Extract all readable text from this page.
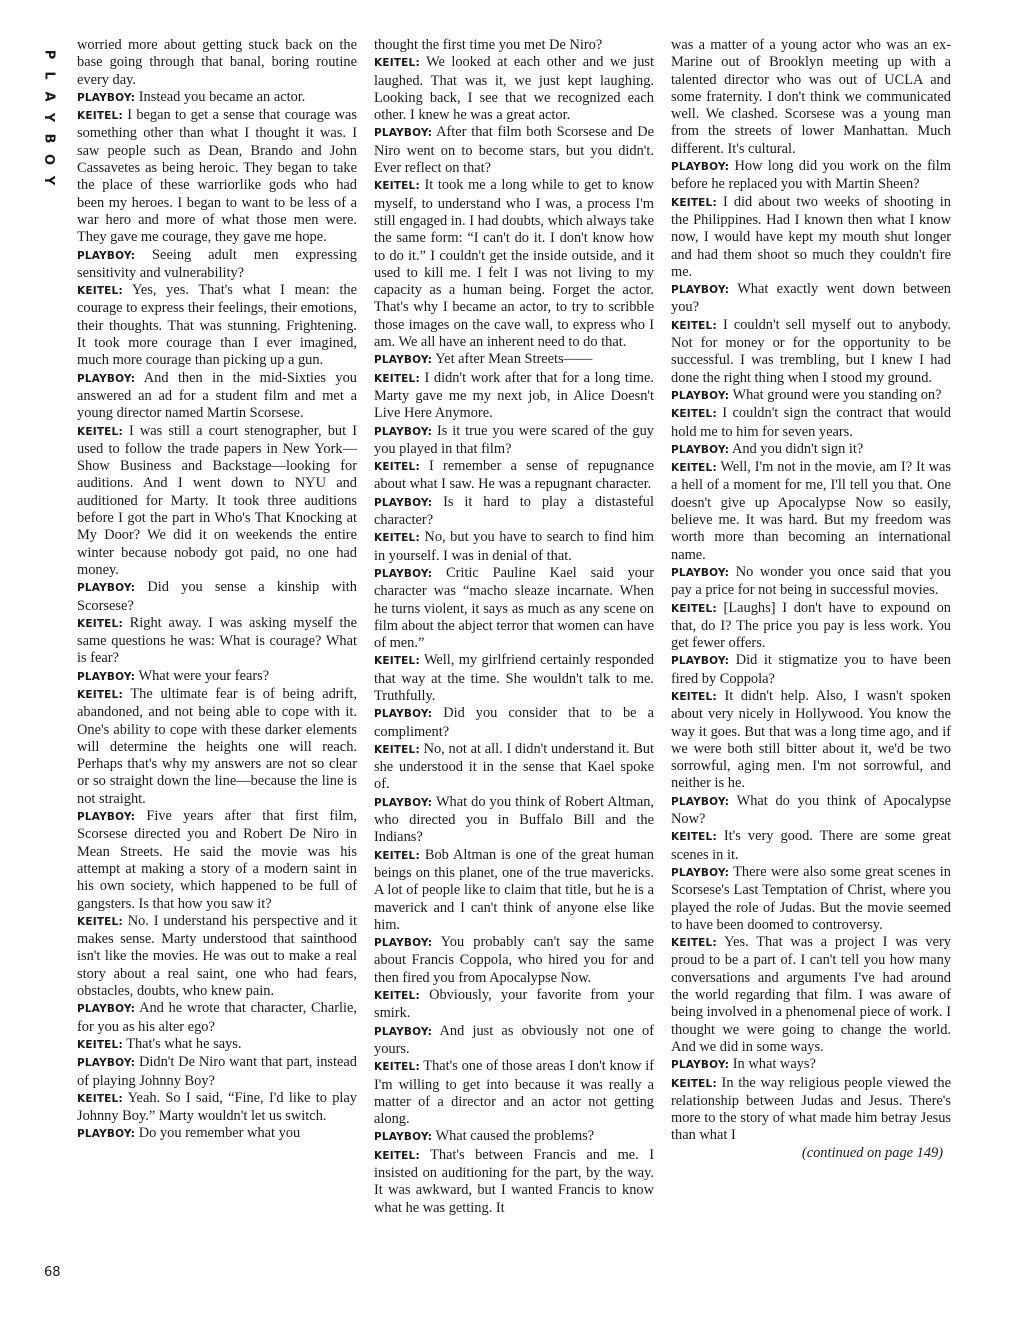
P
L
A
Y
B
O
Y

worried more about getting stuck back on the base going through that banal, boring routine every day.

PLAYBOY: Instead you became an actor.

KEITEL: I began to get a sense that courage was something other than what I thought it was. I saw people such as Dean, Brando and John Cassavetes as being heroic. They began to take the place of these warriorlike gods who had been my heroes. I began to want to be less of a war hero and more of what those men were. They gave me courage, they gave me hope.

PLAYBOY: Seeing adult men expressing sensitivity and vulnerability?

KEITEL: Yes, yes. That's what I mean: the courage to express their feelings, their emotions, their thoughts. That was stunning. Frightening. It took more courage than I ever imagined, much more courage than picking up a gun.

PLAYBOY: And then in the mid-Sixties you answered an ad for a student film and met a young director named Martin Scorsese.

KEITEL: I was still a court stenographer, but I used to follow the trade papers in New York—Show Business and Backstage—looking for auditions. And I went down to NYU and auditioned for Marty. It took three auditions before I got the part in Who's That Knocking at My Door? We did it on weekends the entire winter because nobody got paid, no one had money.

PLAYBOY: Did you sense a kinship with Scorsese?

KEITEL: Right away. I was asking myself the same questions he was: What is courage? What is fear?

PLAYBOY: What were your fears?

KEITEL: The ultimate fear is of being adrift, abandoned, and not being able to cope with it. One's ability to cope with these darker elements will determine the heights one will reach. Perhaps that's why my answers are not so clear or so straight down the line—because the line is not straight.

PLAYBOY: Five years after that first film, Scorsese directed you and Robert De Niro in Mean Streets. He said the movie was his attempt at making a story of a modern saint in his own society, which happened to be full of gangsters. Is that how you saw it?

KEITEL: No. I understand his perspective and it makes sense. Marty understood that sainthood isn't like the movies. He was out to make a real story about a real saint, one who had fears, obstacles, doubts, who knew pain.

PLAYBOY: And he wrote that character, Charlie, for you as his alter ego?

KEITEL: That's what he says.

PLAYBOY: Didn't De Niro want that part, instead of playing Johnny Boy?

KEITEL: Yeah. So I said, “Fine, I'd like to play Johnny Boy.” Marty wouldn't let us switch.

PLAYBOY: Do you remember what you

thought the first time you met De Niro?

KEITEL: We looked at each other and we just laughed. That was it, we just kept laughing. Looking back, I see that we recognized each other. I knew he was a great actor.

PLAYBOY: After that film both Scorsese and De Niro went on to become stars, but you didn't. Ever reflect on that?

KEITEL: It took me a long while to get to know myself, to understand who I was, a process I'm still engaged in. I had doubts, which always take the same form: “I can't do it. I don't know how to do it.” I couldn't get the inside outside, and it used to kill me. I felt I was not living to my capacity as a human being. Forget the actor. That's why I became an actor, to try to scribble those images on the cave wall, to express who I am. We all have an inherent need to do that.

PLAYBOY: Yet after Mean Streets——

KEITEL: I didn't work after that for a long time. Marty gave me my next job, in Alice Doesn't Live Here Anymore.

PLAYBOY: Is it true you were scared of the guy you played in that film?

KEITEL: I remember a sense of repugnance about what I saw. He was a repugnant character.

PLAYBOY: Is it hard to play a distasteful character?

KEITEL: No, but you have to search to find him in yourself. I was in denial of that.

PLAYBOY: Critic Pauline Kael said your character was “macho sleaze incarnate. When he turns violent, it says as much as any scene on film about the abject terror that women can have of men.”

KEITEL: Well, my girlfriend certainly responded that way at the time. She wouldn't talk to me. Truthfully.

PLAYBOY: Did you consider that to be a compliment?

KEITEL: No, not at all. I didn't understand it. But she understood it in the sense that Kael spoke of.

PLAYBOY: What do you think of Robert Altman, who directed you in Buffalo Bill and the Indians?

KEITEL: Bob Altman is one of the great human beings on this planet, one of the true mavericks. A lot of people like to claim that title, but he is a maverick and I can't think of anyone else like him.

PLAYBOY: You probably can't say the same about Francis Coppola, who hired you for and then fired you from Apocalypse Now.

KEITEL: Obviously, your favorite from your smirk.

PLAYBOY: And just as obviously not one of yours.

KEITEL: That's one of those areas I don't know if I'm willing to get into because it was really a matter of a director and an actor not getting along.

PLAYBOY: What caused the problems?

KEITEL: That's between Francis and me. I insisted on auditioning for the part, by the way. It was awkward, but I wanted Francis to know what he was getting. It

was a matter of a young actor who was an ex-Marine out of Brooklyn meeting up with a talented director who was out of UCLA and some fraternity. I don't think we communicated well. We clashed. Scorsese was a young man from the streets of lower Manhattan. Much different. It's cultural.

PLAYBOY: How long did you work on the film before he replaced you with Martin Sheen?

KEITEL: I did about two weeks of shooting in the Philippines. Had I known then what I know now, I would have kept my mouth shut longer and had them shoot so much they couldn't fire me.

PLAYBOY: What exactly went down between you?

KEITEL: I couldn't sell myself out to anybody. Not for money or for the opportunity to be successful. I was trembling, but I knew I had done the right thing when I stood my ground.

PLAYBOY: What ground were you standing on?

KEITEL: I couldn't sign the contract that would hold me to him for seven years.

PLAYBOY: And you didn't sign it?

KEITEL: Well, I'm not in the movie, am I? It was a hell of a moment for me, I'll tell you that. One doesn't give up Apocalypse Now so easily, believe me. It was hard. But my freedom was worth more than becoming an international name.

PLAYBOY: No wonder you once said that you pay a price for not being in successful movies.

KEITEL: [Laughs] I don't have to expound on that, do I? The price you pay is less work. You get fewer offers.

PLAYBOY: Did it stigmatize you to have been fired by Coppola?

KEITEL: It didn't help. Also, I wasn't spoken about very nicely in Hollywood. You know the way it goes. But that was a long time ago, and if we were both still bitter about it, we'd be two sorrowful, aging men. I'm not sorrowful, and neither is he.

PLAYBOY: What do you think of Apocalypse Now?

KEITEL: It's very good. There are some great scenes in it.

PLAYBOY: There were also some great scenes in Scorsese's Last Temptation of Christ, where you played the role of Judas. But the movie seemed to have been doomed to controversy.

KEITEL: Yes. That was a project I was very proud to be a part of. I can't tell you how many conversations and arguments I've had around the world regarding that film. I was aware of being involved in a phenomenal piece of work. I thought we were going to change the world. And we did in some ways.

PLAYBOY: In what ways?

KEITEL: In the way religious people viewed the relationship between Judas and Jesus. There's more to the story of what made him betray Jesus than what I

(continued on page 149)
68
